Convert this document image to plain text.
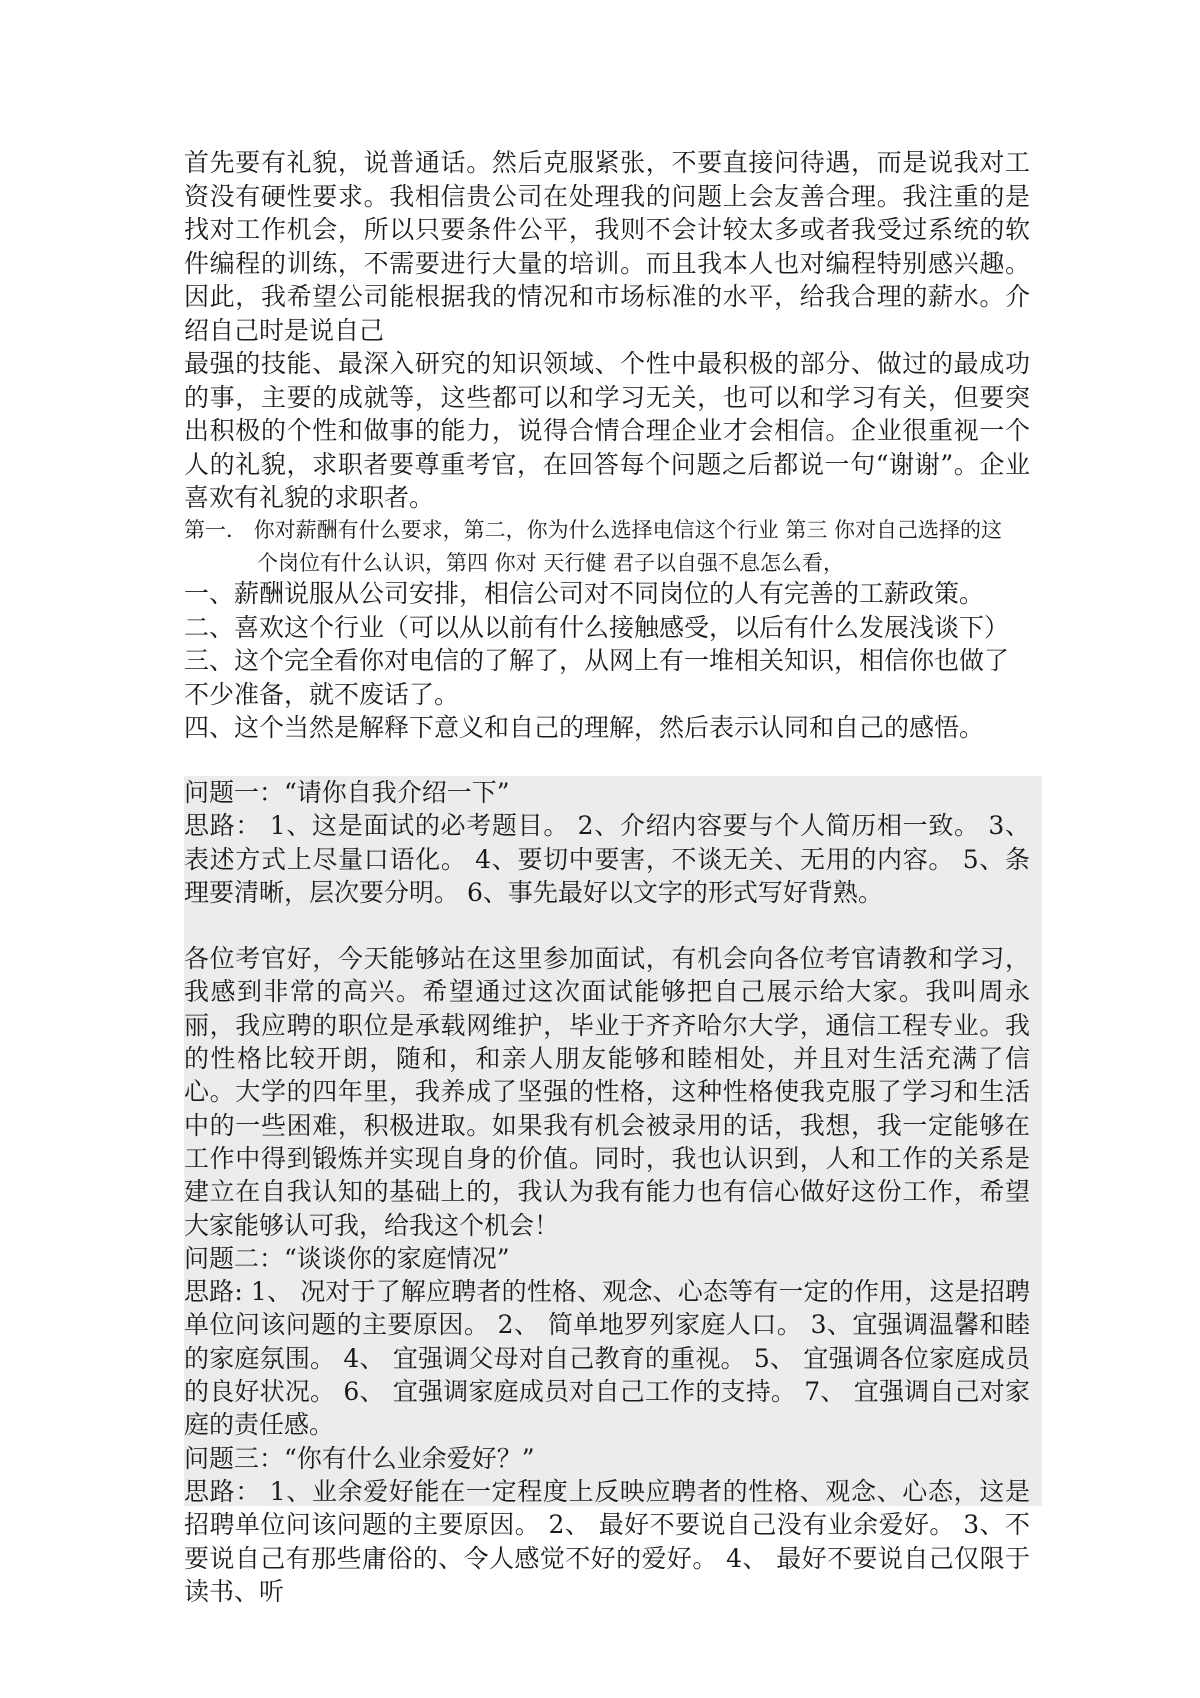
首先要有礼貌，说普通话。然后克服紧张，不要直接问待遇，而是说我对工资没有硬性要求。我相信贵公司在处理我的问题上会友善合理。我注重的是找对工作机会，所以只要条件公平，我则不会计较太多或者我受过系统的软件编程的训练，不需要进行大量的培训。而且我本人也对编程特别感兴趣。因此，我希望公司能根据我的情况和市场标准的水平，给我合理的薪水。介绍自己时是说自己

最强的技能、最深入研究的知识领域、个性中最积极的部分、做过的最成功的事，主要的成就等，这些都可以和学习无关，也可以和学习有关，但要突出积极的个性和做事的能力，说得合情合理企业才会相信。企业很重视一个人的礼貌，求职者要尊重考官，在回答每个问题之后都说一句“谢谢”。企业喜欢有礼貌的求职者。

第一． 你对薪酬有什么要求，第二，你为什么选择电信这个行业 第三 你对自己选择的这

个岗位有什么认识，第四 你对 天行健 君子以自强不息怎么看，

一、薪酬说服从公司安排，相信公司对不同岗位的人有完善的工薪政策。

二、喜欢这个行业（可以从以前有什么接触感受，以后有什么发展浅谈下）

三、这个完全看你对电信的了解了，从网上有一堆相关知识，相信你也做了不少准备，就不废话了。

四、这个当然是解释下意义和自己的理解，然后表示认同和自己的感悟。

问题一：“请你自我介绍一下”

思路： 1、这是面试的必考题目。 2、介绍内容要与个人简历相一致。 3、表述方式上尽量口语化。 4、要切中要害，不谈无关、无用的内容。 5、条理要清晰，层次要分明。 6、事先最好以文字的形式写好背熟。

各位考官好，今天能够站在这里参加面试，有机会向各位考官请教和学习，我感到非常的高兴。希望通过这次面试能够把自己展示给大家。我叫周永丽，我应聘的职位是承载网维护，毕业于齐齐哈尔大学，通信工程专业。我的性格比较开朗，随和，和亲人朋友能够和睦相处，并且对生活充满了信心。大学的四年里，我养成了坚强的性格，这种性格使我克服了学习和生活中的一些困难，积极进取。如果我有机会被录用的话，我想，我一定能够在工作中得到锻炼并实现自身的价值。同时，我也认识到，人和工作的关系是建立在自我认知的基础上的，我认为我有能力也有信心做好这份工作，希望大家能够认可我，给我这个机会！

问题二：“谈谈你的家庭情况”

思路: 1、 况对于了解应聘者的性格、观念、心态等有一定的作用，这是招聘单位问该问题的主要原因。 2、 简单地罗列家庭人口。 3、宜强调温馨和睦的家庭氛围。 4、 宜强调父母对自己教育的重视。 5、 宜强调各位家庭成员的良好状况。 6、 宜强调家庭成员对自己工作的支持。 7、 宜强调自己对家庭的责任感。

问题三：“你有什么业余爱好？”

思路： 1、业余爱好能在一定程度上反映应聘者的性格、观念、心态，这是招聘单位问该问题的主要原因。 2、 最好不要说自己没有业余爱好。 3、不要说自己有那些庸俗的、令人感觉不好的爱好。 4、 最好不要说自己仅限于读书、听
